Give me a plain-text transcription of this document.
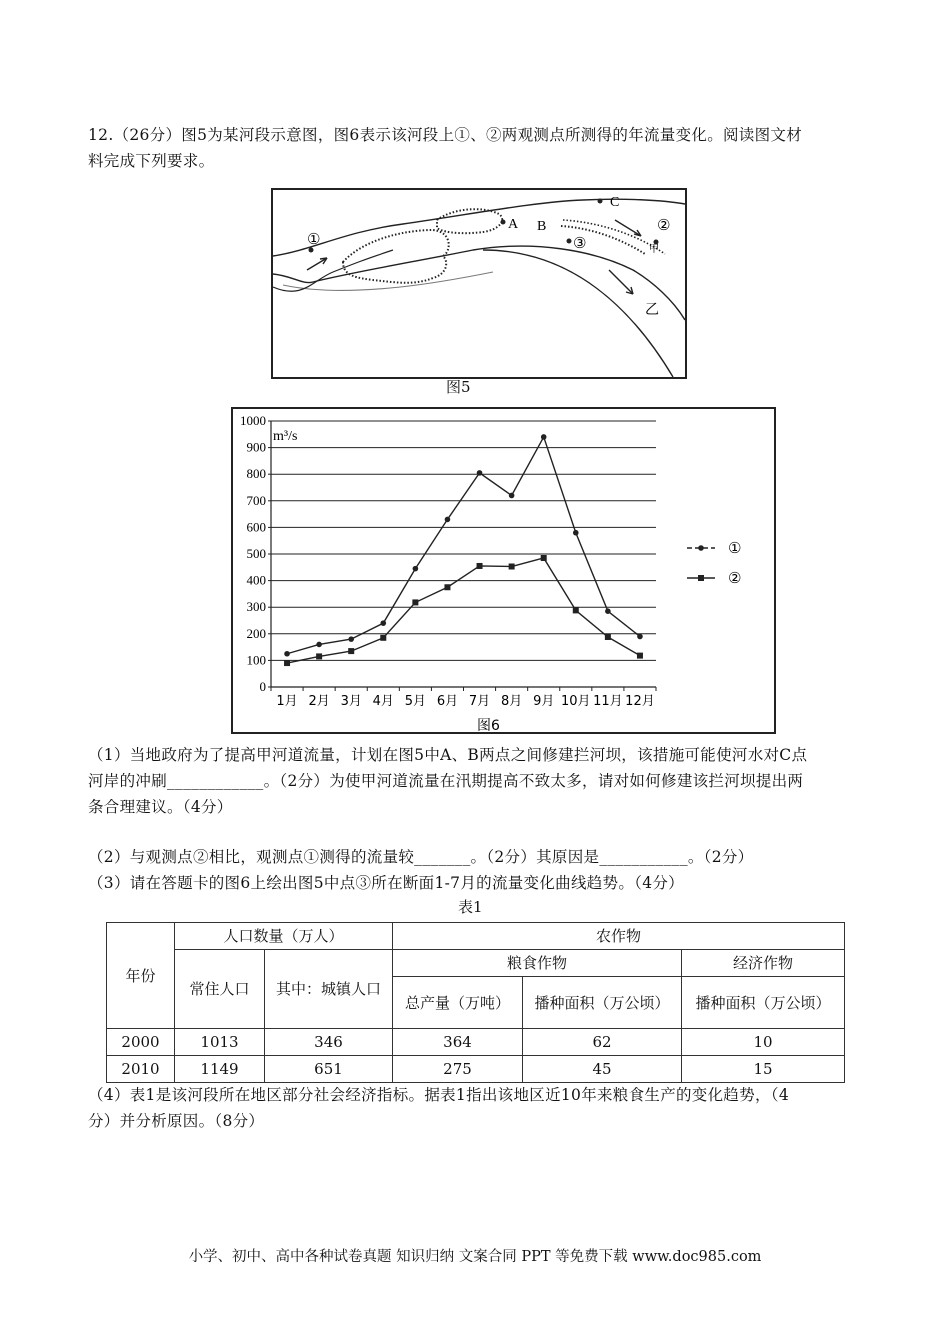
12.（26分）图5为某河段示意图，图6表示该河段上①、②两观测点所测得的年流量变化。阅读图文材
料完成下列要求。
①
A B
C
③
②
甲
乙
图5
0
100
200
300
400
500
600
700
800
900
1000
1月 2月 3月 4月 5月 6月 7月 8月 9月 10月 11月 12月
m³/s
①
②
图6
（1）当地政府为了提高甲河道流量，计划在图5中A、B两点之间修建拦河坝，该措施可能使河水对C点
河岸的冲刷____________。（2分）为使甲河道流量在汛期提高不致太多，请对如何修建该拦河坝提出两
条合理建议。（4分）
（2）与观测点②相比，观测点①测得的流量较_______。（2分）其原因是___________。（2分）
（3）请在答题卡的图6上绘出图5中点③所在断面1-7月的流量变化曲线趋势。（4分）
表1
年份	人口数量（万人）		农作物		
	常住人口	其中：城镇人口	粮食作物		经济作物
			总产量（万吨）	播种面积（万公顷）	播种面积（万公顷）
2000	1013	346	364	62	10
2010	1149	651	275	45	15
（4）表1是该河段所在地区部分社会经济指标。据表1指出该地区近10年来粮食生产的变化趋势，（4
分）并分析原因。（8分）
小学、初中、高中各种试卷真题 知识归纳 文案合同 PPT 等免费下载 www.doc985.com
